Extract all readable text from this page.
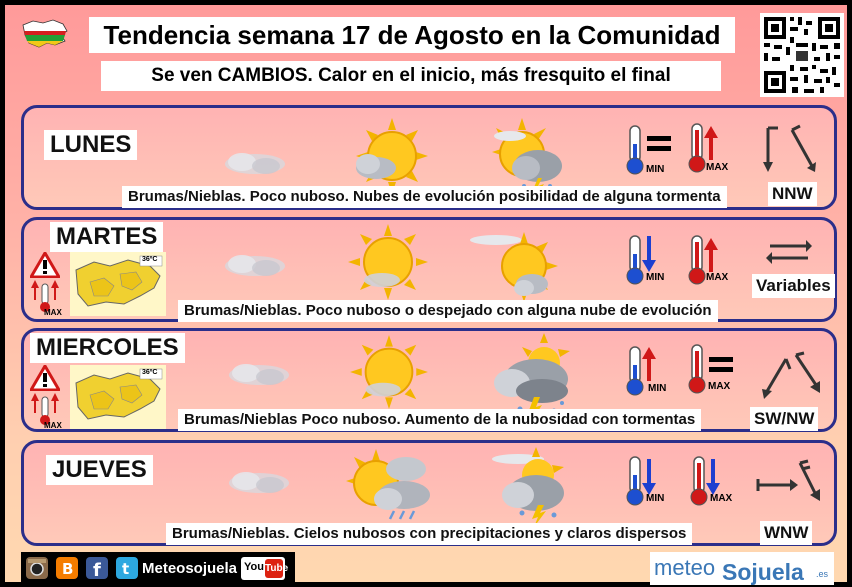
Tendencia semana 17 de Agosto en la Comunidad
Se ven CAMBIOS. Calor en el inicio, más fresquito el final
LUNES
MIN	MAX
Brumas/Nieblas. Poco nuboso. Nubes de evolución posibilidad de alguna tormenta	NNW
MARTES
MAX
36ºC
MIN	MAX Variables
Brumas/Nieblas. Poco nuboso o despejado con alguna nube de evolución
MIERCOLES
MAX
36ºC
MIN	MAX
Brumas/Nieblas Poco nuboso. Aumento de la nubosidad con tormentas	SW/NW
JUEVES
MIN	MAX
Brumas/Nieblas. Cielos nubosos con precipitaciones y claros dispersos	WNW
B f t Meteosojuela You Tube	meteo Sojuela .es
